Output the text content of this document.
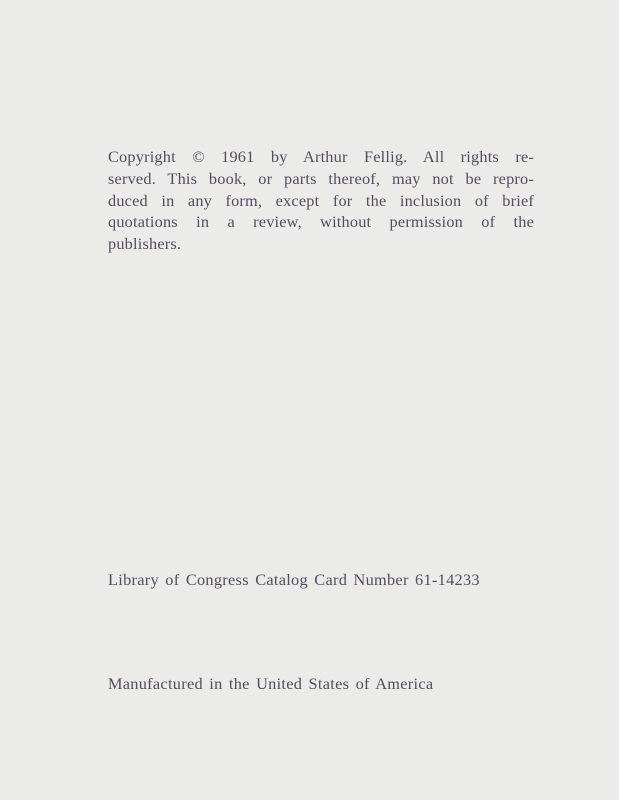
Copyright © 1961 by Arthur Fellig. All rights re-
served. This book, or parts thereof, may not be repro-
duced in any form, except for the inclusion of brief
quotations in a review, without permission of the
publishers.
Library of Congress Catalog Card Number 61-14233
Manufactured in the United States of America
